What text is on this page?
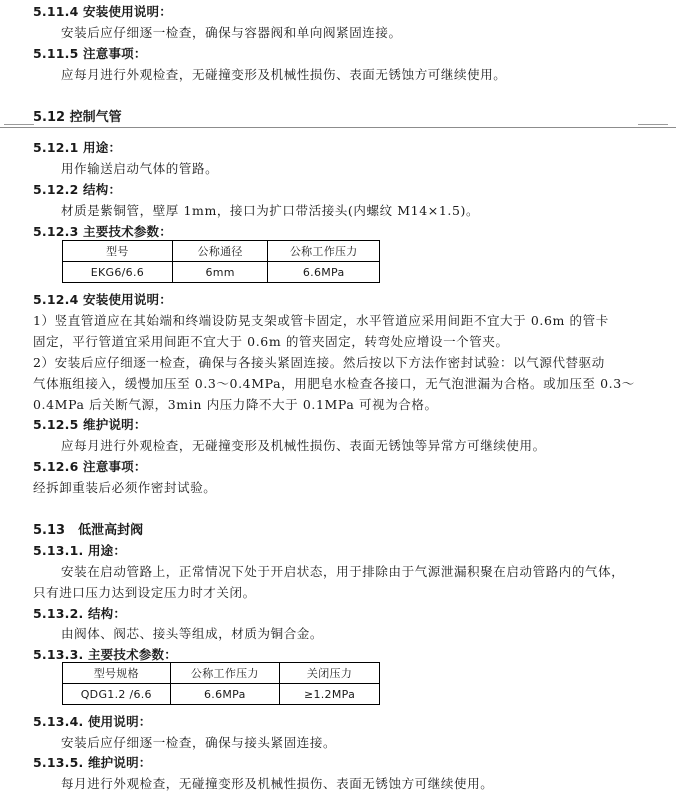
5.11.4 安装使用说明：
安装后应仔细逐一检查，确保与容器阀和单向阀紧固连接。
5.11.5 注意事项：
应每月进行外观检查，无碰撞变形及机械性损伤、表面无锈蚀方可继续使用。
5.12 控制气管
5.12.1 用途：
用作输送启动气体的管路。
5.12.2 结构：
材质是紫铜管，壁厚 1mm，接口为扩口带活接头(内螺纹 M14×1.5)。
5.12.3 主要技术参数：
型号	公称通径	公称工作压力
EKG6/6.6	6mm	6.6MPa
5.12.4 安装使用说明：
1）竖直管道应在其始端和终端设防晃支架或管卡固定，水平管道应采用间距不宜大于 0.6m 的管卡
固定，平行管道宜采用间距不宜大于 0.6m 的管夹固定，转弯处应增设一个管夹。
2）安装后应仔细逐一检查，确保与各接头紧固连接。然后按以下方法作密封试验：以气源代替驱动
气体瓶组接入，缓慢加压至 0.3～0.4MPa，用肥皂水检查各接口，无气泡泄漏为合格。或加压至 0.3～
0.4MPa 后关断气源，3min 内压力降不大于 0.1MPa 可视为合格。
5.12.5 维护说明：
应每月进行外观检查，无碰撞变形及机械性损伤、表面无锈蚀等异常方可继续使用。
5.12.6 注意事项：
经拆卸重装后必须作密封试验。
5.13　低泄高封阀
5.13.1. 用途：
安装在启动管路上，正常情况下处于开启状态，用于排除由于气源泄漏积聚在启动管路内的气体，
只有进口压力达到设定压力时才关闭。
5.13.2. 结构：
由阀体、阀芯、接头等组成，材质为铜合金。
5.13.3. 主要技术参数：
型号规格	公称工作压力	关闭压力
QDG1.2 /6.6	6.6MPa	≥1.2MPa
5.13.4. 使用说明：
安装后应仔细逐一检查，确保与接头紧固连接。
5.13.5. 维护说明：
每月进行外观检查，无碰撞变形及机械性损伤、表面无锈蚀方可继续使用。
